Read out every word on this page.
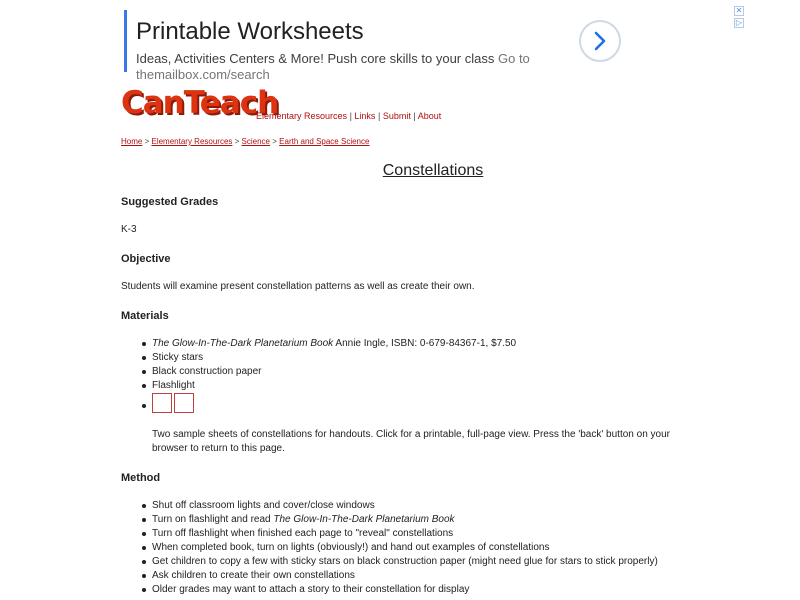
Printable Worksheets
Ideas, Activities Centers & More! Push core skills to your class Go to
themailbox.com/search
✕
▷
CanTeach
Elementary Resources | Links | Submit | About
Home > Elementary Resources > Science > Earth and Space Science
Constellations
Suggested Grades
K-3
Objective
Students will examine present constellation patterns as well as create their own.
Materials
The Glow-In-The-Dark Planetarium Book Annie Ingle, ISBN: 0-679-84367-1, $7.50
Sticky stars
Black construction paper
Flashlight
Two sample sheets of constellations for handouts. Click for a printable, full-page view. Press the 'back' button on your
browser to return to this page.
Method
Shut off classroom lights and cover/close windows
Turn on flashlight and read The Glow-In-The-Dark Planetarium Book
Turn off flashlight when finished each page to "reveal" constellations
When completed book, turn on lights (obviously!) and hand out examples of constellations
Get children to copy a few with sticky stars on black construction paper (might need glue for stars to stick properly)
Ask children to create their own constellations
Older grades may want to attach a story to their constellation for display
